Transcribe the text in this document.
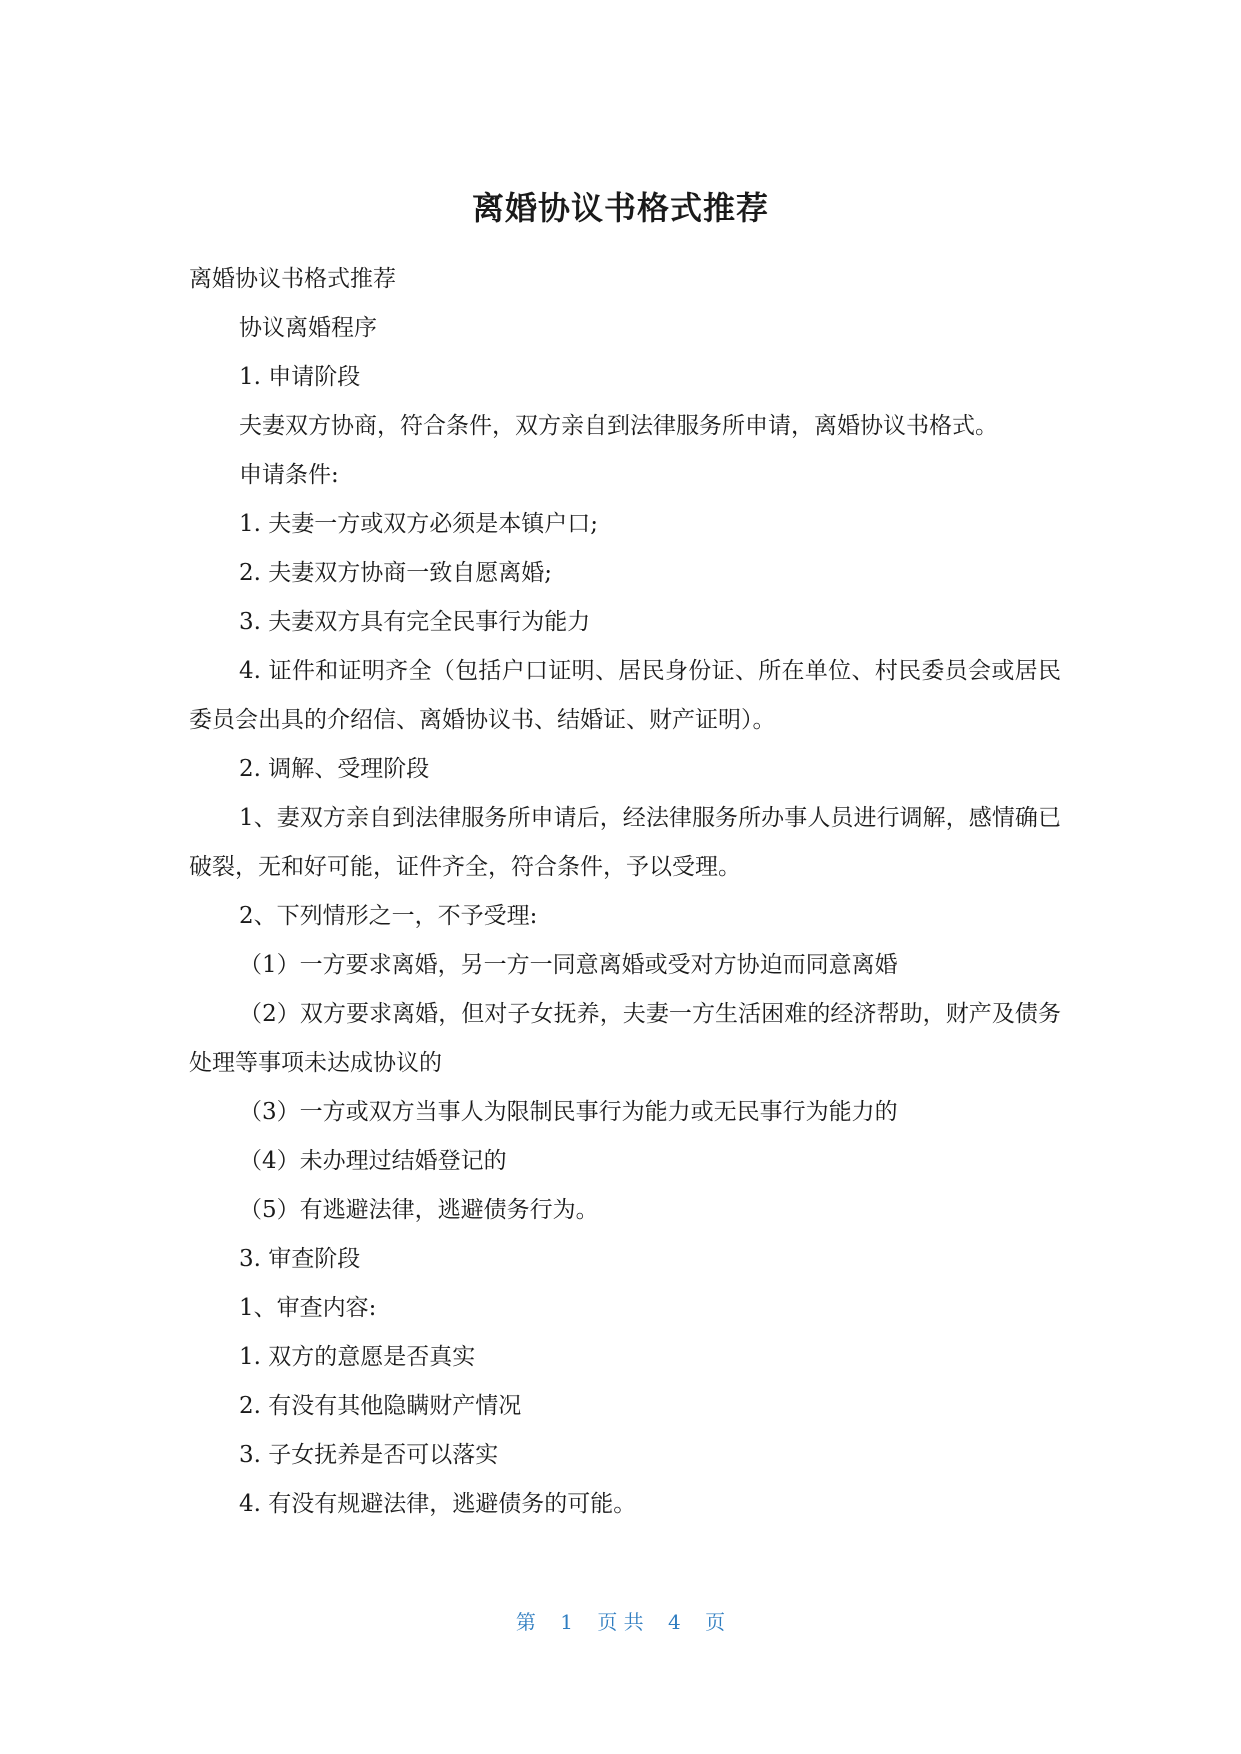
离婚协议书格式推荐

离婚协议书格式推荐

协议离婚程序

1. 申请阶段

夫妻双方协商，符合条件，双方亲自到法律服务所申请，离婚协议书格式。

申请条件:

1. 夫妻一方或双方必须是本镇户口;

2. 夫妻双方协商一致自愿离婚;

3. 夫妻双方具有完全民事行为能力

4. 证件和证明齐全（包括户口证明、居民身份证、所在单位、村民委员会或居民委员会出具的介绍信、离婚协议书、结婚证、财产证明）。

2. 调解、受理阶段

1、妻双方亲自到法律服务所申请后，经法律服务所办事人员进行调解，感情确已破裂，无和好可能，证件齐全，符合条件，予以受理。

2、下列情形之一，不予受理:

（1）一方要求离婚，另一方一同意离婚或受对方协迫而同意离婚

（2）双方要求离婚，但对子女抚养，夫妻一方生活困难的经济帮助，财产及债务处理等事项未达成协议的

（3）一方或双方当事人为限制民事行为能力或无民事行为能力的

（4）未办理过结婚登记的

（5）有逃避法律，逃避债务行为。

3. 审查阶段

1、审查内容:

1. 双方的意愿是否真实

2. 有没有其他隐瞒财产情况

3. 子女抚养是否可以落实

4. 有没有规避法律，逃避债务的可能。

第 1 页 共 4 页
